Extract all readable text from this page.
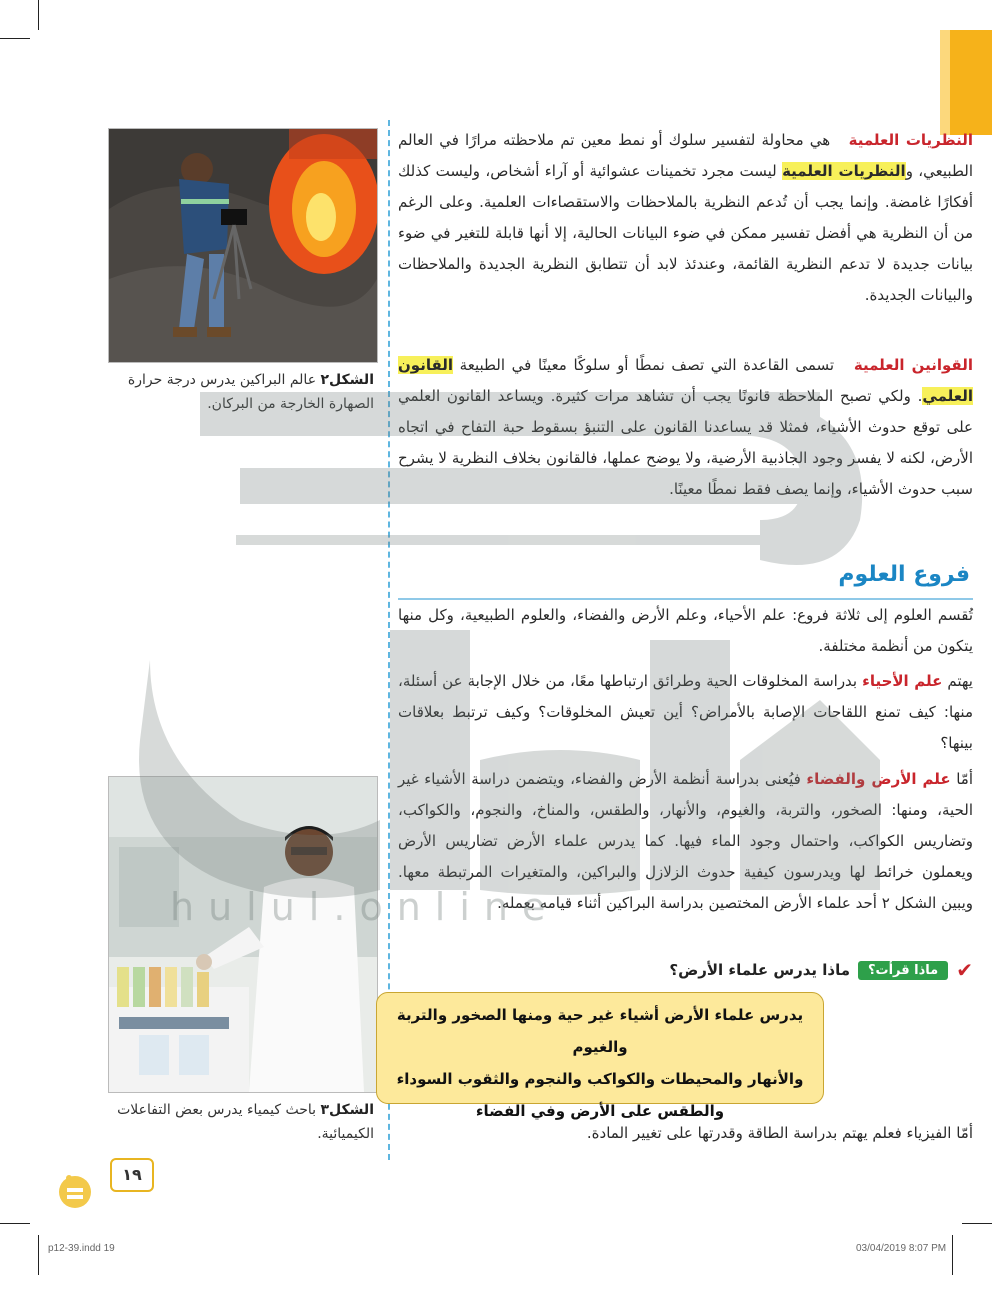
الشكل٢ عالم البراكين يدرس درجة حرارة الصهارة الخارجة من البركان.
الشكل٣ باحث كيمياء يدرس بعض التفاعلات الكيميائية.
النظريات العلمية   هي محاولة لتفسير سلوك أو نمط معين تم ملاحظته مرارًا في العالم الطبيعي، والنظريات العلمية ليست مجرد تخمينات عشوائية أو آراء أشخاص، وليست كذلك أفكارًا غامضة. وإنما يجب أن تُدعم النظرية بالملاحظات والاستقصاءات العلمية. وعلى الرغم من أن النظرية هي أفضل تفسير ممكن في ضوء البيانات الحالية، إلا أنها قابلة للتغير في ضوء بيانات جديدة لا تدعم النظرية القائمة، وعندئذ لابد أن تتطابق النظرية الجديدة والملاحظات والبيانات الجديدة.
القوانين العلمية   تسمى القاعدة التي تصف نمطًا أو سلوكًا معينًا في الطبيعة القانون العلمي. ولكي تصبح الملاحظة قانونًا يجب أن تشاهد مرات كثيرة. ويساعد القانون العلمي على توقع حدوث الأشياء، فمثلا قد يساعدنا القانون على التنبؤ بسقوط حبة التفاح في اتجاه الأرض، لكنه لا يفسر وجود الجاذبية الأرضية، ولا يوضح عملها، فالقانون بخلاف النظرية لا يشرح سبب حدوث الأشياء، وإنما يصف فقط نمطًا معينًا.
فروع العلوم
تُقسم العلوم إلى ثلاثة فروع: علم الأحياء، وعلم الأرض والفضاء، والعلوم الطبيعية، وكل منها يتكون من أنظمة مختلفة.
يهتم علم الأحياء بدراسة المخلوقات الحية وطرائق ارتباطها معًا، من خلال الإجابة عن أسئلة، منها: كيف تمنع اللقاحات الإصابة بالأمراض؟ أين تعيش المخلوقات؟ وكيف ترتبط بعلاقات بينها؟
أمّا علم الأرض والفضاء فيُعنى بدراسة أنظمة الأرض والفضاء، ويتضمن دراسة الأشياء غير الحية، ومنها: الصخور، والتربة، والغيوم، والأنهار، والطقس، والمناخ، والنجوم، والكواكب، وتضاريس الكواكب، واحتمال وجود الماء فيها. كما يدرس علماء الأرض تضاريس الأرض ويعملون خرائط لها ويدرسون كيفية حدوث الزلازل والبراكين، والمتغيرات المرتبطة معها. ويبين الشكل ٢ أحد علماء الأرض المختصين بدراسة البراكين أثناء قيامه بعمله.
✔
ماذا قرأت؟
ماذا يدرس علماء الأرض؟
أمّا الفيزياء فعلم يهتم بدراسة الطاقة وقدرتها على تغيير المادة.
يدرس علماء الأرض أشياء غير حية ومنها الصخور والتربة والغيوم
والأنهار والمحيطات والكواكب والنجوم والثقوب السوداء
والطقس على الأرض وفي الفضاء
hulul.online
١٩
p12-39.indd 19	03/04/2019 8:07 PM
